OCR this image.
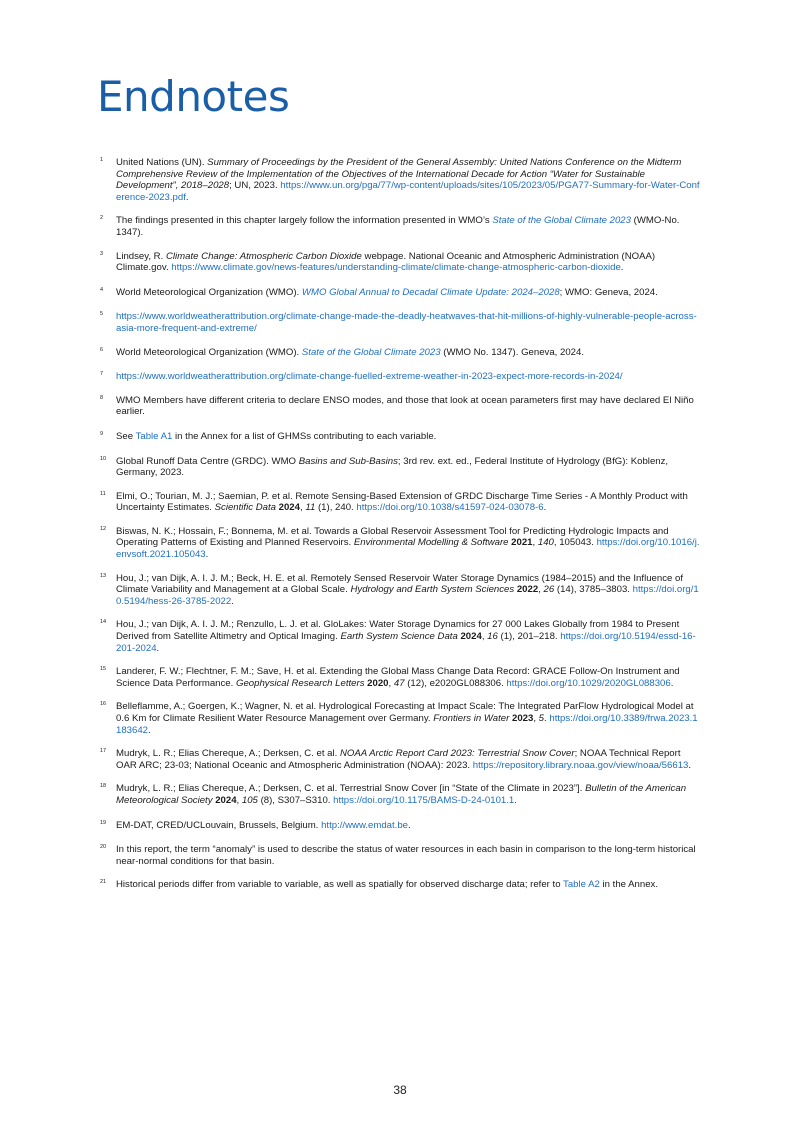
Endnotes
1 United Nations (UN). Summary of Proceedings by the President of the General Assembly: United Nations Conference on the Midterm Comprehensive Review of the Implementation of the Objectives of the International Decade for Action “Water for Sustainable Development”, 2018–2028; UN, 2023. https://www.un.org/pga/77/wp-content/uploads/sites/105/2023/05/PGA77-Summary-for-Water-Conference-2023.pdf.
2 The findings presented in this chapter largely follow the information presented in WMO’s State of the Global Climate 2023 (WMO-No. 1347).
3 Lindsey, R. Climate Change: Atmospheric Carbon Dioxide webpage. National Oceanic and Atmospheric Administration (NOAA) Climate.gov. https://www.climate.gov/news-features/understanding-climate/climate-change-atmospheric-carbon-dioxide.
4 World Meteorological Organization (WMO). WMO Global Annual to Decadal Climate Update: 2024–2028; WMO: Geneva, 2024.
5 https://www.worldweatherattribution.org/climate-change-made-the-deadly-heatwaves-that-hit-millions-of-highly-vulnerable-people-across-asia-more-frequent-and-extreme/
6 World Meteorological Organization (WMO). State of the Global Climate 2023 (WMO No. 1347). Geneva, 2024.
7 https://www.worldweatherattribution.org/climate-change-fuelled-extreme-weather-in-2023-expect-more-records-in-2024/
8 WMO Members have different criteria to declare ENSO modes, and those that look at ocean parameters first may have declared El Niño earlier.
9 See Table A1 in the Annex for a list of GHMSs contributing to each variable.
10 Global Runoff Data Centre (GRDC). WMO Basins and Sub-Basins; 3rd rev. ext. ed., Federal Institute of Hydrology (BfG): Koblenz, Germany, 2023.
11 Elmi, O.; Tourian, M. J.; Saemian, P. et al. Remote Sensing-Based Extension of GRDC Discharge Time Series - A Monthly Product with Uncertainty Estimates. Scientific Data 2024, 11 (1), 240. https://doi.org/10.1038/s41597-024-03078-6.
12 Biswas, N. K.; Hossain, F.; Bonnema, M. et al. Towards a Global Reservoir Assessment Tool for Predicting Hydrologic Impacts and Operating Patterns of Existing and Planned Reservoirs. Environmental Modelling & Software 2021, 140, 105043. https://doi.org/10.1016/j.envsoft.2021.105043.
13 Hou, J.; van Dijk, A. I. J. M.; Beck, H. E. et al. Remotely Sensed Reservoir Water Storage Dynamics (1984–2015) and the Influence of Climate Variability and Management at a Global Scale. Hydrology and Earth System Sciences 2022, 26 (14), 3785–3803. https://doi.org/10.5194/hess-26-3785-2022.
14 Hou, J.; van Dijk, A. I. J. M.; Renzullo, L. J. et al. GloLakes: Water Storage Dynamics for 27 000 Lakes Globally from 1984 to Present Derived from Satellite Altimetry and Optical Imaging. Earth System Science Data 2024, 16 (1), 201–218. https://doi.org/10.5194/essd-16-201-2024.
15 Landerer, F. W.; Flechtner, F. M.; Save, H. et al. Extending the Global Mass Change Data Record: GRACE Follow-On Instrument and Science Data Performance. Geophysical Research Letters 2020, 47 (12), e2020GL088306. https://doi.org/10.1029/2020GL088306.
16 Belleflamme, A.; Goergen, K.; Wagner, N. et al. Hydrological Forecasting at Impact Scale: The Integrated ParFlow Hydrological Model at 0.6 Km for Climate Resilient Water Resource Management over Germany. Frontiers in Water 2023, 5. https://doi.org/10.3389/frwa.2023.1183642.
17 Mudryk, L. R.; Elias Chereque, A.; Derksen, C. et al. NOAA Arctic Report Card 2023: Terrestrial Snow Cover; NOAA Technical Report OAR ARC; 23-03; National Oceanic and Atmospheric Administration (NOAA): 2023. https://repository.library.noaa.gov/view/noaa/56613.
18 Mudryk, L. R.; Elias Chereque, A.; Derksen, C. et al. Terrestrial Snow Cover [in “State of the Climate in 2023”]. Bulletin of the American Meteorological Society 2024, 105 (8), S307–S310. https://doi.org/10.1175/BAMS-D-24-0101.1.
19 EM-DAT, CRED/UCLouvain, Brussels, Belgium. http://www.emdat.be.
20 In this report, the term “anomaly” is used to describe the status of water resources in each basin in comparison to the long-term historical near-normal conditions for that basin.
21 Historical periods differ from variable to variable, as well as spatially for observed discharge data; refer to Table A2 in the Annex.
38
